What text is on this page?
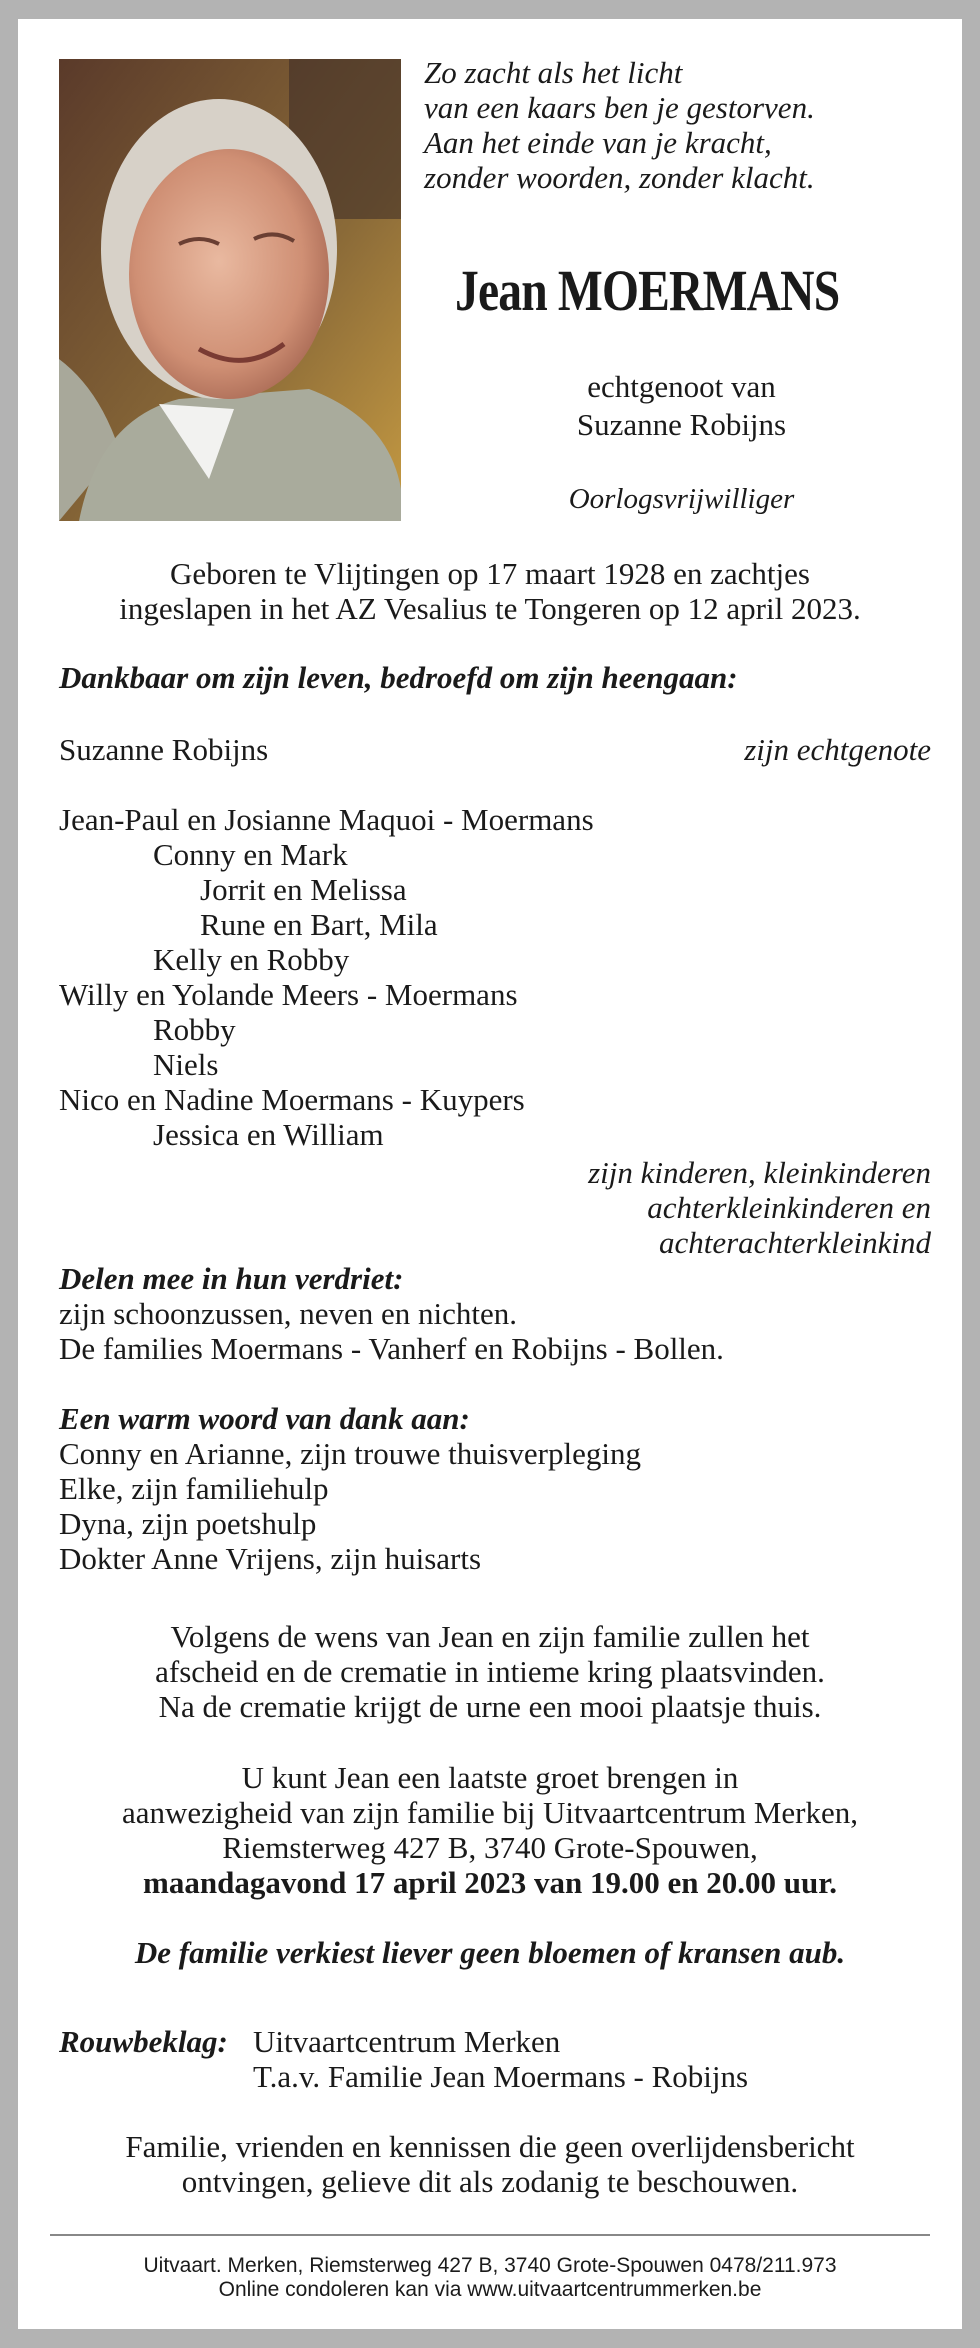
Zo zacht als het licht
van een kaars ben je gestorven.
Aan het einde van je kracht,
zonder woorden, zonder klacht.
Jean MOERMANS
echtgenoot van
Suzanne Robijns
Oorlogsvrijwilliger
Geboren te Vlijtingen op 17 maart 1928 en zachtjes
ingeslapen in het AZ Vesalius te Tongeren op 12 april 2023.
Dankbaar om zijn leven, bedroefd om zijn heengaan:
Suzanne Robijns	zijn echtgenote
Jean-Paul en Josianne Maquoi - Moermans
Conny en Mark
Jorrit en Melissa
Rune en Bart, Mila
Kelly en Robby
Willy en Yolande Meers - Moermans
Robby
Niels
Nico en Nadine Moermans - Kuypers
Jessica en William
zijn kinderen, kleinkinderen
achterkleinkinderen en
achterachterkleinkind
Delen mee in hun verdriet:
zijn schoonzussen, neven en nichten.
De families Moermans - Vanherf en Robijns - Bollen.
Een warm woord van dank aan:
Conny en Arianne, zijn trouwe thuisverpleging
Elke, zijn familiehulp
Dyna, zijn poetshulp
Dokter Anne Vrijens, zijn huisarts
Volgens de wens van Jean en zijn familie zullen het
afscheid en de crematie in intieme kring plaatsvinden.
Na de crematie krijgt de urne een mooi plaatsje thuis.
U kunt Jean een laatste groet brengen in
aanwezigheid van zijn familie bij Uitvaartcentrum Merken,
Riemsterweg 427 B, 3740 Grote-Spouwen,
maandagavond 17 april 2023 van 19.00 en 20.00 uur.
De familie verkiest liever geen bloemen of kransen aub.
Rouwbeklag: Uitvaartcentrum Merken
T.a.v. Familie Jean Moermans - Robijns
Familie, vrienden en kennissen die geen overlijdensbericht
ontvingen, gelieve dit als zodanig te beschouwen.
Uitvaart. Merken, Riemsterweg 427 B, 3740 Grote-Spouwen 0478/211.973
Online condoleren kan via www.uitvaartcentrummerken.be
